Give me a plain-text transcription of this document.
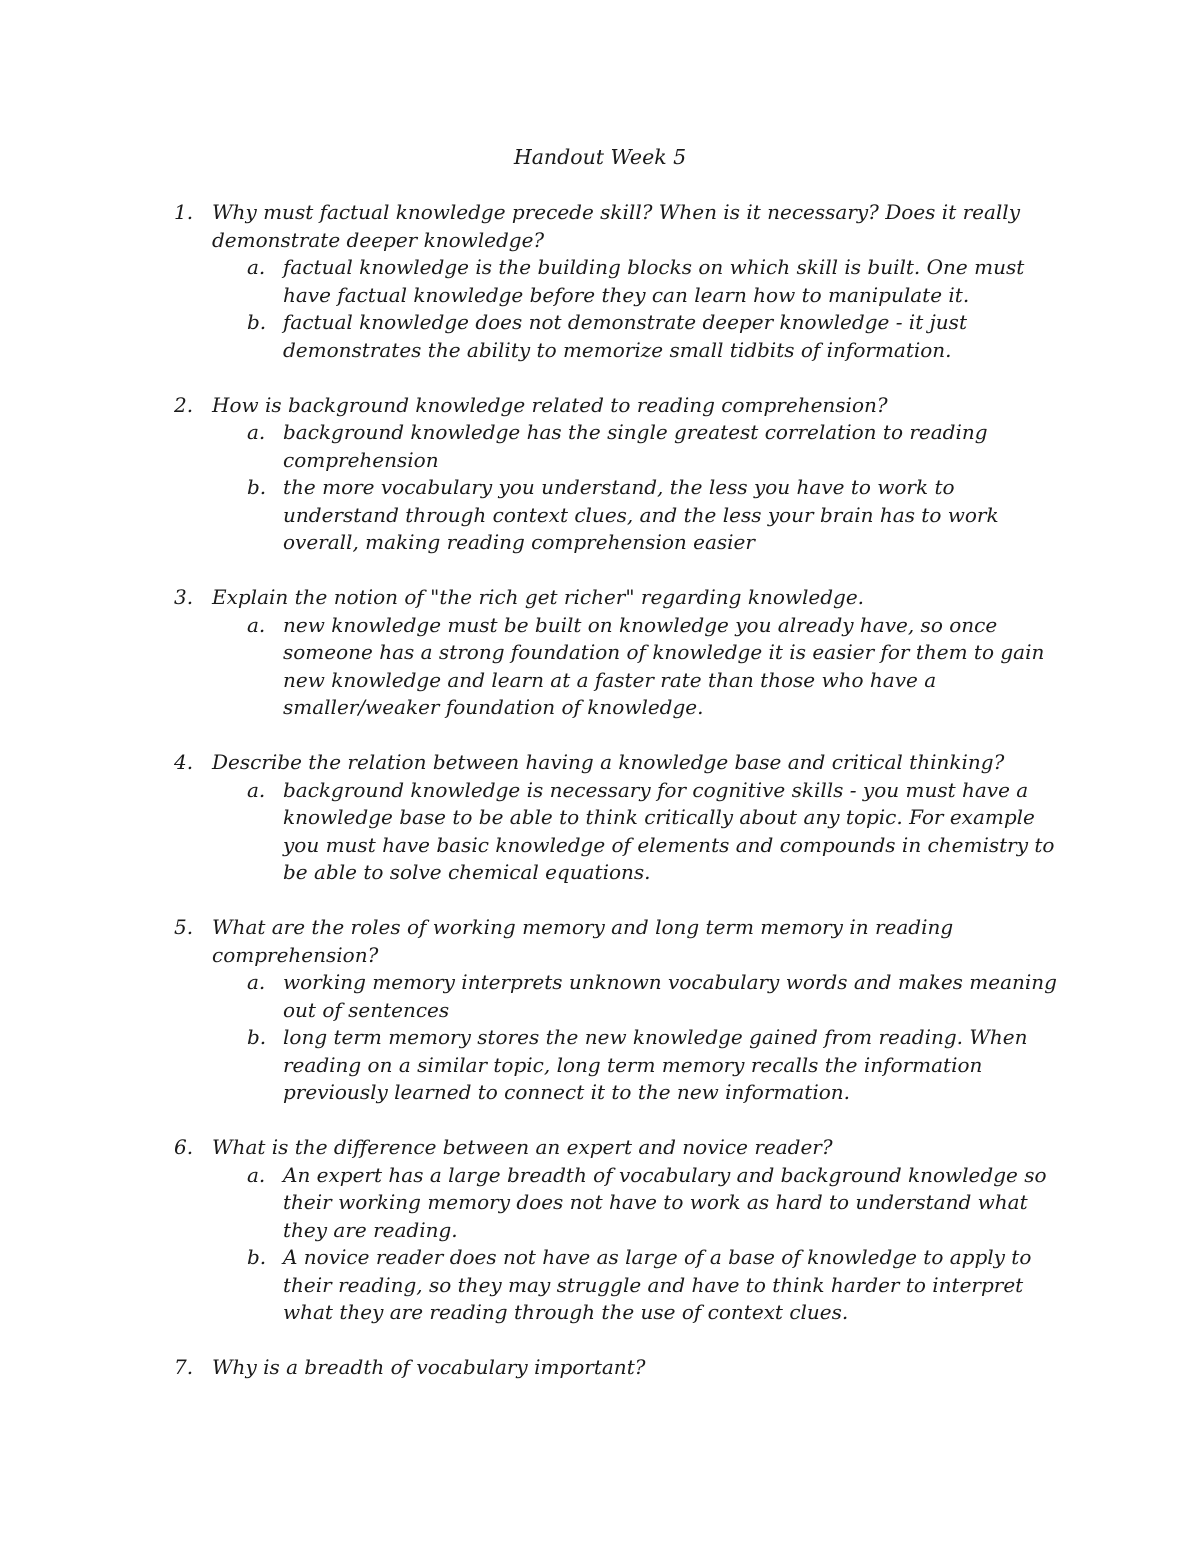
Handout Week 5
1. Why must factual knowledge precede skill? When is it necessary? Does it really demonstrate deeper knowledge?
a. factual knowledge is the building blocks on which skill is built. One must have factual knowledge before they can learn how to manipulate it.
b. factual knowledge does not demonstrate deeper knowledge - it just demonstrates the ability to memorize small tidbits of information.
2. How is background knowledge related to reading comprehension?
a. background knowledge has the single greatest correlation to reading comprehension
b. the more vocabulary you understand, the less you have to work to understand through context clues, and the less your brain has to work overall, making reading comprehension easier
3. Explain the notion of "the rich get richer" regarding knowledge.
a. new knowledge must be built on knowledge you already have, so once someone has a strong foundation of knowledge it is easier for them to gain new knowledge and learn at a faster rate than those who have a smaller/weaker foundation of knowledge.
4. Describe the relation between having a knowledge base and critical thinking?
a. background knowledge is necessary for cognitive skills - you must have a knowledge base to be able to think critically about any topic. For example you must have basic knowledge of elements and compounds in chemistry to be able to solve chemical equations.
5. What are the roles of working memory and long term memory in reading comprehension?
a. working memory interprets unknown vocabulary words and makes meaning out of sentences
b. long term memory stores the new knowledge gained from reading. When reading on a similar topic, long term memory recalls the information previously learned to connect it to the new information.
6. What is the difference between an expert and novice reader?
a. An expert has a large breadth of vocabulary and background knowledge so their working memory does not have to work as hard to understand what they are reading.
b. A novice reader does not have as large of a base of knowledge to apply to their reading, so they may struggle and have to think harder to interpret what they are reading through the use of context clues.
7. Why is a breadth of vocabulary important?
